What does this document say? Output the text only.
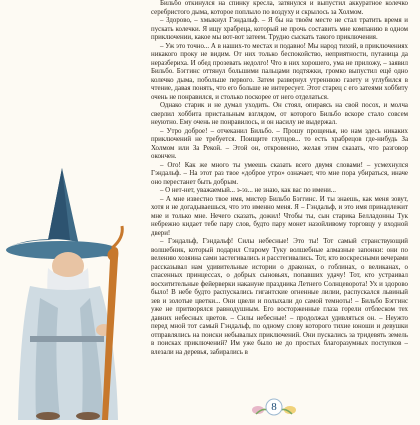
Бильбо откинулся на спинку кресла, затянулся и выпустил аккуратное колечко серебристого дыма, которое поплыло по воздуху и скрылось за Холмом.

– Здорово, – хмыкнул Гэндальф. – Я бы на твоём месте не стал тратить время и пускать колечки. Я ищу храбреца, который не прочь составить мне компанию в одном приключении, какое мы вот-вот затеем. Трудно сыскать такого приключения.

– Уж это точно... А в наших-то местах и подавно! Мы народ тихий, в приключениях никакого проку не видим. От них только беспокойство, неприятности, путаница да неразбериха. И обед прозевать недолго! Что в них хорошего, ума не приложу, – заявил Бильбо. Бэггинс оттянул большими пальцами подтяжки, громко выпустил ещё одно колечко дыма, побольше первого. Затем развернул утреннюю газету и углубился в чтение, давая понять, что его больше не интересует. Этот старец с его затеями хоббиту очень не понравился, и столько поскорее от него отделаться.

Однако старик и не думал уходить. Он стоял, опираясь на свой посох, и молча сверлил хоббита пристальным взглядом, от которого Бильбо вскоре стало совсем неуютно. Ему очень не понравилось, и он насилу не выдержал.

– Утро доброе! – отчеканил Бильбо. – Прошу прощенья, но нам здесь никаких приключений не требуется. Поищите глупцов... то есть храбрецов где-нибудь За Холмом или За Рекой. – Этой он, откровенно, желая этим сказать, что разговор окончен.

– Ого! Как же много ты умеешь сказать всего двумя словами! – усмехнулся Гэндальф. – На этот раз твое «доброе утро» означает, что мне пора убираться, иначе оно перестанет быть добрым.

– О нет-нет, уважаемый... э-эз... не знаю, как вас по имени...

– А мне известно твое имя, мистер Бильбо Бэггинс. И ты знаешь, как меня зовут, хотя и не догадываешься, что это именно меня. Я – Гэндальф, и это имя принадлежит мне и только мне. Нечего сказать, дожил! Чтобы ты, сын старика Белладонны Тук небрежно кидает тебе пару слов, будто пару монет назойливому торговцу у входной двери!

– Гэндальф, Гэндальф! Силы небесные! Это ты! Тот самый странствующий волшебник, который подарил Старому Туку волшебные алмазные запонки: они по велению хозяина сами застегивались и расстегивались. Тот, кто воскресными вечерами рассказывал нам удивительные истории о драконах, о гоблинах, о великанах, о спасенных принцессах, о добрых сыновьях, попавших удачу! Тот, кто устраивал восхитительные фейерверки накануне праздника Летнего Солнцеворота! Ух и здорово было! В небе будто распускались гигантские огненные лилии, распускался львиный зев и золотые цветки... Они цвели и полыхали до самой темноты! – Бильбо Бэггинс уже не притворялся равнодушным. Его восторженные глаза горели отблеском тех давних небесных цветов. – Силы небесные! – продолжал удивляться он. – Неужто перед мной тот самый Гэндальф, по одному слову которого тихие юноши и девушки отправлялись на поиски небывалых приключений. Они пускались за тридевять земель в поисках приключений? Им уже было не до простых благоразумных поступков – влезали на деревья, забирались в

8
